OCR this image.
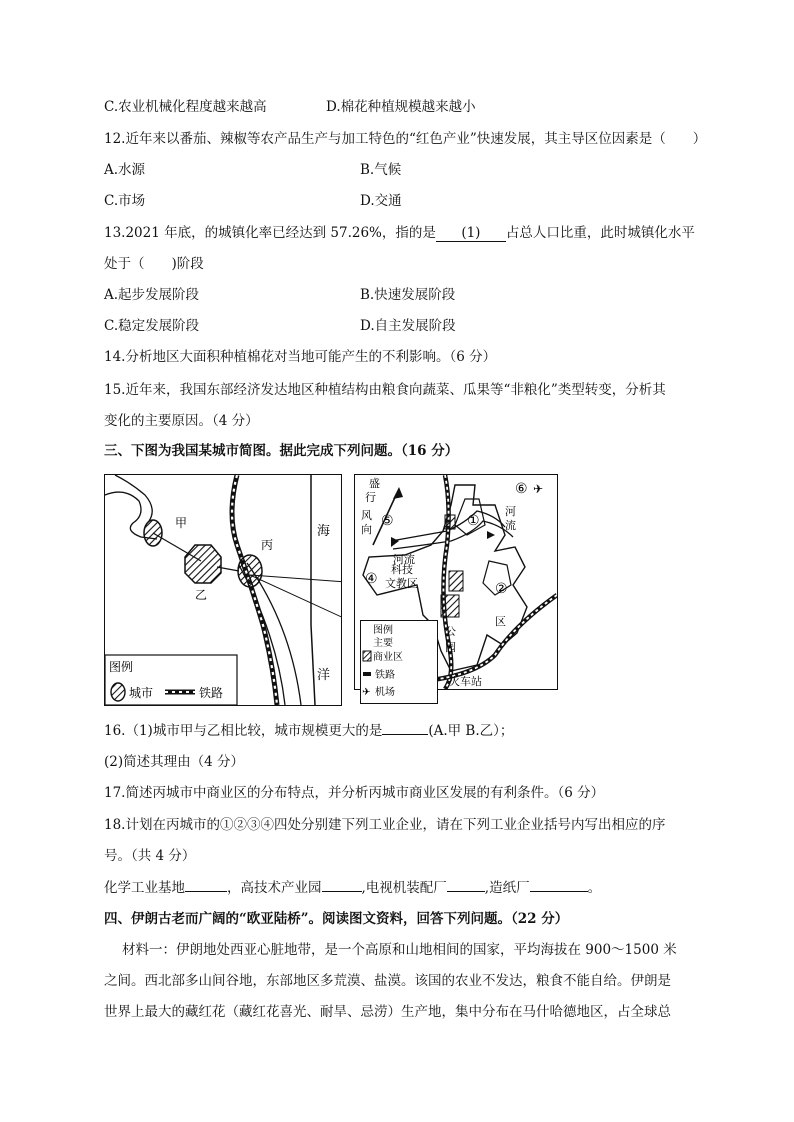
C.农业机械化程度越来越高	D.棉花种植规模越来越小
12.近年来以番茄、辣椒等农产品生产与加工特色的“红色产业”快速发展，其主导区位因素是（　　）
A.水源	B.气候
C.市场	D.交通
13.2021 年底，的城镇化率已经达到 57.26%，指的是 (1) 占总人口比重，此时城镇化水平
处于（　　)阶段
A.起步发展阶段	B.快速发展阶段
C.稳定发展阶段	D.自主发展阶段
14.分析地区大面积种植棉花对当地可能产生的不利影响。（6 分）
15.近年来，我国东部经济发达地区种植结构由粮食向蔬菜、瓜果等“非粮化”类型转变，分析其
变化的主要原因。（4 分）
三、下图为我国某城市简图。据此完成下列问题。（16 分）
甲
乙
丙
海
洋
图例
城市	铁路
盛
行
风
向
⑤
⑥ ✈
河流
河
流
①
②
④
科技
文教区
公
园
区
火车站
图例
主要
商业区
铁路
✈ 机场
16.（1)城市甲与乙相比较，城市规模更大的是	(A.甲 B.乙）；
(2)简述其理由（4 分）
17.简述丙城市中商业区的分布特点，并分析丙城市商业区发展的有利条件。（6 分）
18.计划在丙城市的①②③④四处分别建下列工业企业，请在下列工业企业括号内写出相应的序
号。（共 4 分）
化学工业基地	，高技术产业园	,电视机装配厂	,造纸厂	。
四、伊朗古老而广阔的“欧亚陆桥”。阅读图文资料，回答下列问题。（22 分）
材料一：伊朗地处西亚心脏地带，是一个高原和山地相间的国家，平均海拔在 900～1500 米
之间。西北部多山间谷地，东部地区多荒漠、盐漠。该国的农业不发达，粮食不能自给。伊朗是
世界上最大的藏红花（藏红花喜光、耐旱、忌涝）生产地，集中分布在马什哈德地区，占全球总
